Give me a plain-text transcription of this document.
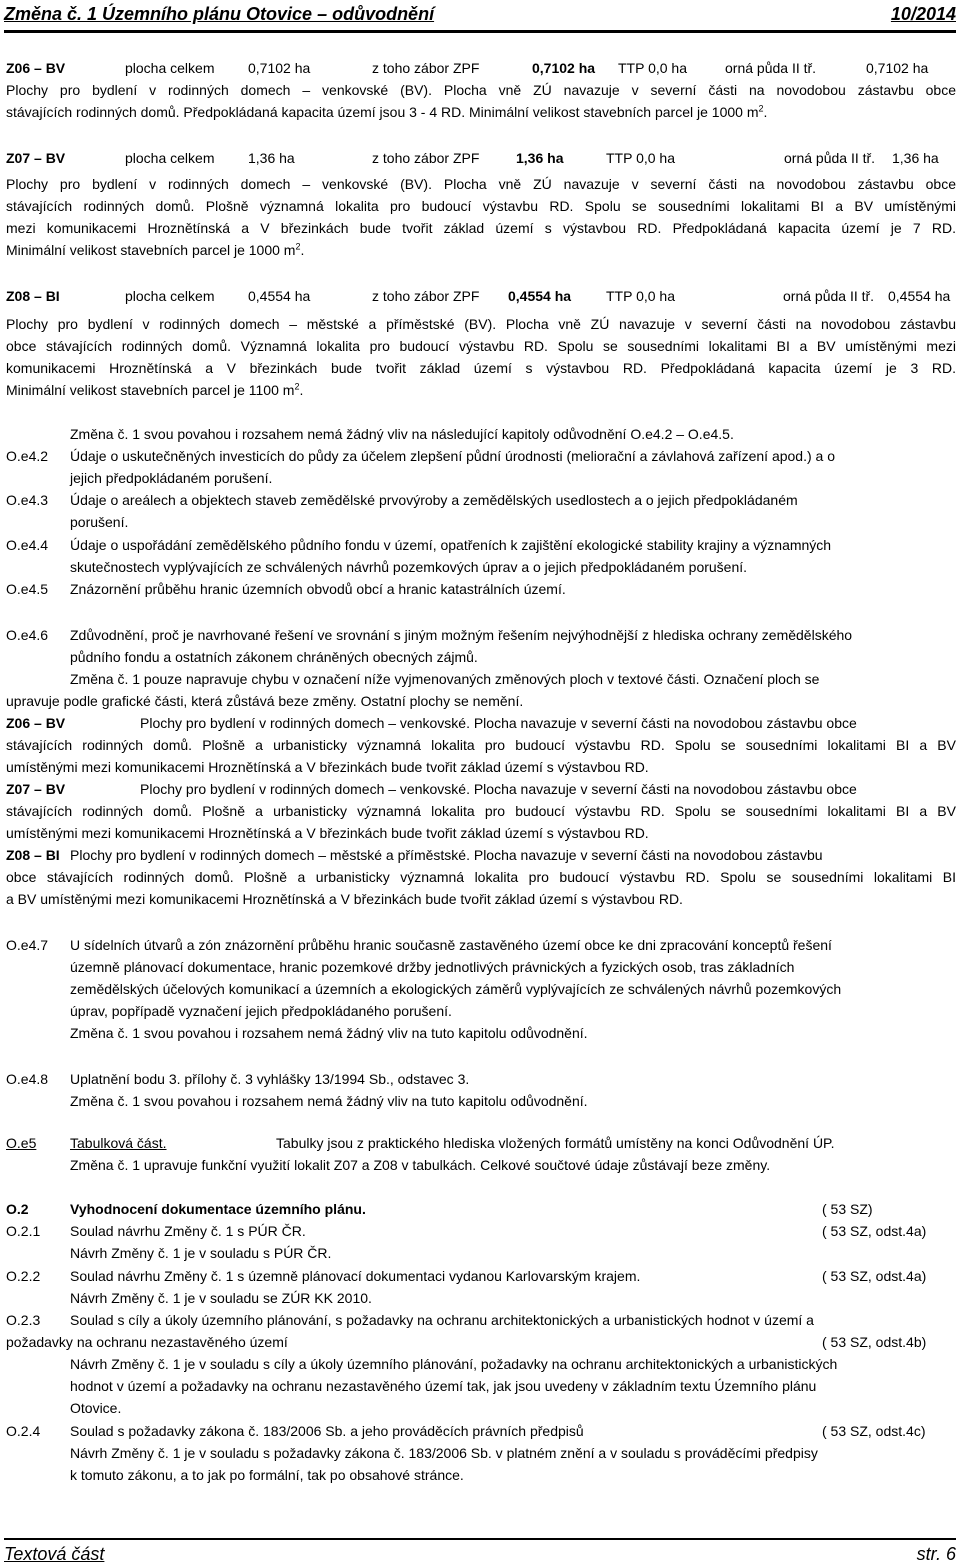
Změna č. 1 Územního plánu Otovice – odůvodnění	10/2014
Z06 – BV	plocha celkem 0,7102 ha	z toho zábor ZPF	0,7102 ha TTP 0,0 ha	orná půda II tř.	0,7102 ha
Plochy pro bydlení v rodinných domech – venkovské (BV). Plocha vně ZÚ navazuje v severní části na novodobou zástavbu obce
stávajících rodinných domů. Předpokládaná kapacita území jsou 3 - 4 RD. Minimální velikost stavebních parcel je 1000 $m^2$.
Z07 – BV	plocha celkem 1,36 ha	z toho zábor ZPF	1,36 ha	TTP 0,0 ha	orná půda II tř. 1,36 ha
Plochy pro bydlení v rodinných domech – venkovské (BV). Plocha vně ZÚ navazuje v severní části na novodobou zástavbu obce
stávajících rodinných domů. Plošně významná lokalita pro budoucí výstavbu RD. Spolu se sousedními lokalitami BI a BV umístěnými
mezi komunikacemi Hroznětínská a V březinkách bude tvořit základ území s výstavbou RD. Předpokládaná kapacita území je 7 RD.
Minimální velikost stavebních parcel je 1000 $m^2$.
Z08 – BI	plocha celkem 0,4554 ha	z toho zábor ZPF 0,4554 ha TTP 0,0 ha	orná půda II tř. 0,4554 ha
Plochy pro bydlení v rodinných domech – městské a příměstské (BV). Plocha vně ZÚ navazuje v severní části na novodobou zástavbu
obce stávajících rodinných domů. Významná lokalita pro budoucí výstavbu RD. Spolu se sousedními lokalitami BI a BV umístěnými mezi
komunikacemi Hroznětínská a V březinkách bude tvořit základ území s výstavbou RD. Předpokládaná kapacita území je 3 RD.
Minimální velikost stavebních parcel je 1100 $m^2$.
Změna č. 1 svou povahou i rozsahem nemá žádný vliv na následující kapitoly odůvodnění O.e4.2 – O.e4.5.
O.e4.2 Údaje o uskutečněných investicích do půdy za účelem zlepšení půdní úrodnosti (meliorační a závlahová zařízení apod.) a o
jejich předpokládaném porušení.
O.e4.3 Údaje o areálech a objektech staveb zemědělské prvovýroby a zemědělských usedlostech a o jejich předpokládaném
porušení.
O.e4.4 Údaje o uspořádání zemědělského půdního fondu v území, opatřeních k zajištění ekologické stability krajiny a významných
skutečnostech vyplývajících ze schválených návrhů pozemkových úprav a o jejich předpokládaném porušení.
O.e4.5 Znázornění průběhu hranic územních obvodů obcí a hranic katastrálních území.
O.e4.6 Zdůvodnění, proč je navrhované řešení ve srovnání s jiným možným řešením nejvýhodnější z hlediska ochrany zemědělského
půdního fondu a ostatních zákonem chráněných obecných zájmů.
Změna č. 1 pouze napravuje chybu v označení níže vyjmenovaných změnových ploch v textové části. Označení ploch se
upravuje podle grafické části, která zůstává beze změny. Ostatní plochy se nemění.
Z06 – BV	Plochy pro bydlení v rodinných domech – venkovské. Plocha navazuje v severní části na novodobou zástavbu obce
stávajících rodinných domů. Plošně a urbanisticky významná lokalita pro budoucí výstavbu RD. Spolu se sousedními lokalitami BI a BV
umístěnými mezi komunikacemi Hroznětínská a V březinkách bude tvořit základ území s výstavbou RD.
Z07 – BV	Plochy pro bydlení v rodinných domech – venkovské. Plocha navazuje v severní části na novodobou zástavbu obce
stávajících rodinných domů. Plošně a urbanisticky významná lokalita pro budoucí výstavbu RD. Spolu se sousedními lokalitami BI a BV
umístěnými mezi komunikacemi Hroznětínská a V březinkách bude tvořit základ území s výstavbou RD.
Z08 – BI Plochy pro bydlení v rodinných domech – městské a příměstské. Plocha navazuje v severní části na novodobou zástavbu
obce stávajících rodinných domů. Plošně a urbanisticky významná lokalita pro budoucí výstavbu RD. Spolu se sousedními lokalitami BI
a BV umístěnými mezi komunikacemi Hroznětínská a V březinkách bude tvořit základ území s výstavbou RD.
O.e4.7 U sídelních útvarů a zón znázornění průběhu hranic současně zastavěného území obce ke dni zpracování konceptů řešení
územně plánovací dokumentace, hranic pozemkové držby jednotlivých právnických a fyzických osob, tras základních
zemědělských účelových komunikací a územních a ekologických záměrů vyplývajících ze schválených návrhů pozemkových
úprav, popřípadě vyznačení jejich předpokládaného porušení.
Změna č. 1 svou povahou i rozsahem nemá žádný vliv na tuto kapitolu odůvodnění.
O.e4.8 Uplatnění bodu 3. přílohy č. 3 vyhlášky 13/1994 Sb., odstavec 3.
Změna č. 1 svou povahou i rozsahem nemá žádný vliv na tuto kapitolu odůvodnění.
O.e5 Tabulková část.	Tabulky jsou z praktického hlediska vložených formátů umístěny na konci Odůvodnění ÚP.
Změna č. 1 upravuje funkční využití lokalit Z07 a Z08 v tabulkách. Celkové součtové údaje zůstávají beze změny.
O.2	Vyhodnocení dokumentace územního plánu.	( 53 SZ)
O.2.1 Soulad návrhu Změny č. 1 s PÚR ČR.	( 53 SZ, odst.4a)
Návrh Změny č. 1 je v souladu s PÚR ČR.
O.2.2 Soulad návrhu Změny č. 1 s územně plánovací dokumentaci vydanou Karlovarským krajem.	( 53 SZ, odst.4a)
Návrh Změny č. 1 je v souladu se ZÚR KK 2010.
O.2.3 Soulad s cíly a úkoly územního plánování, s požadavky na ochranu architektonických a urbanistických hodnot v území a
požadavky na ochranu nezastavěného území	( 53 SZ, odst.4b)
Návrh Změny č. 1 je v souladu s cíly a úkoly územního plánování, požadavky na ochranu architektonických a urbanistických
hodnot v území a požadavky na ochranu nezastavěného území tak, jak jsou uvedeny v základním textu Územního plánu
Otovice.
O.2.4 Soulad s požadavky zákona č. 183/2006 Sb. a jeho prováděcích právních předpisů	( 53 SZ, odst.4c)
Návrh Změny č. 1 je v souladu s požadavky zákona č. 183/2006 Sb. v platném znění a v souladu s prováděcími předpisy
k tomuto zákonu, a to jak po formální, tak po obsahové stránce.
Textová část	str. 6
